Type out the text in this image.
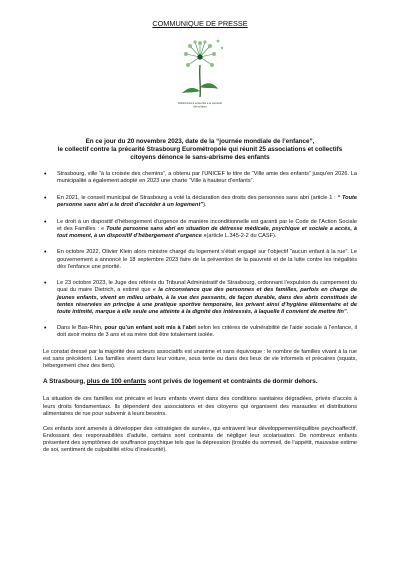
COMMUNIQUE DE PRESSE
Réfléchissons ensemble à la précarité
des enfants
En ce jour du 20 novembre 2023, date de la “journée mondiale de l’enfance”,
le collectif contre la précarité Strasbourg Eurométropole qui réunit 25 associations et collectifs
citoyens dénonce le sans-abrisme des enfants
• Strasbourg, ville “à la croisée des chemins”, a obtenu par l’UNICEF le titre de “Ville amie des enfants” jusqu’en 2026. La municipalité a également adopté en 2023 une charte “Ville à hauteur d’enfants”.
• En 2021, le conseil municipal de Strasbourg a voté la déclaration des droits des personnes sans abri (article 1 : “ Toute personne sans abri a le droit d’accéder à un logement”).
• Le droit à un dispositif d’hébergement d’urgence de manière inconditionnelle est garanti par le Code de l’Action Sociale et des Familles : « Toute personne sans abri en situation de détresse médicale, psychique et sociale a accès, à tout moment, à un dispositif d’hébergement d’urgence »(article L.345-2-2 du CASF).
• En octobre 2022, Olivier Klein alors ministre chargé du logement s’était engagé sur l’objectif “aucun enfant à la rue”. Le gouvernement a annoncé le 18 septembre 2023 faire de la prévention de la pauvreté et de la lutte contre les inégalités dès l’enfance une priorité.
• Le 23 octobre 2023, le Juge des référés du Tribunal Administratif de Strasbourg, ordonnant l’expulsion du campement du quai du maire Dietrich, a estimé que « la circonstance que des personnes et des familles, parfois en charge de jeunes enfants, vivent en milieu urbain, à la vue des passants, de façon durable, dans des abris constitués de tentes réservées en principe à une pratique sportive temporaire, les privant ainsi d’hygiène élémentaire et de toute intimité, marque à elle seule une atteinte à la dignité des intéressés, à laquelle il convient de mettre fin”.
• Dans le Bas-Rhin, pour qu’un enfant soit mis à l’abri selon les critères de vulnérabilité de l’aide sociale à l’enfance, il doit avoir moins de 3 ans et sa mère doit être totalement isolée.

Le constat dressé par la majorité des acteurs associatifs est unanime et sans équivoque : le nombre de familles vivant à la rue est sans précédent. Les familles vivent dans leur voiture, sous tente ou dans des lieux de vie informels et précaires (squats, hébergement chez des tiers).

A Strasbourg, plus de 100 enfants sont privés de logement et contraints de dormir dehors.

La situation de ces familles est précaire et leurs enfants vivent dans des conditions sanitaires dégradées, privés d’accès à leurs droits fondamentaux. Ils dépendent des associations et des citoyens qui organisent des maraudes et distributions alimentaires de rue pour subvenir à leurs besoins.

Ces enfants sont amenés à développer des «stratégies de survie», qui entravent leur développement/équilibre psychoaffectif. Endossant des responsabilités d’adulte, certains sont contraints de négliger leur scolarisation. De nombreux enfants présentent des symptômes de souffrance psychique tels que la dépression (trouble du sommeil, de l’appétit, mauvaise estime de soi, sentiment de culpabilité et/ou d’insécurité).
